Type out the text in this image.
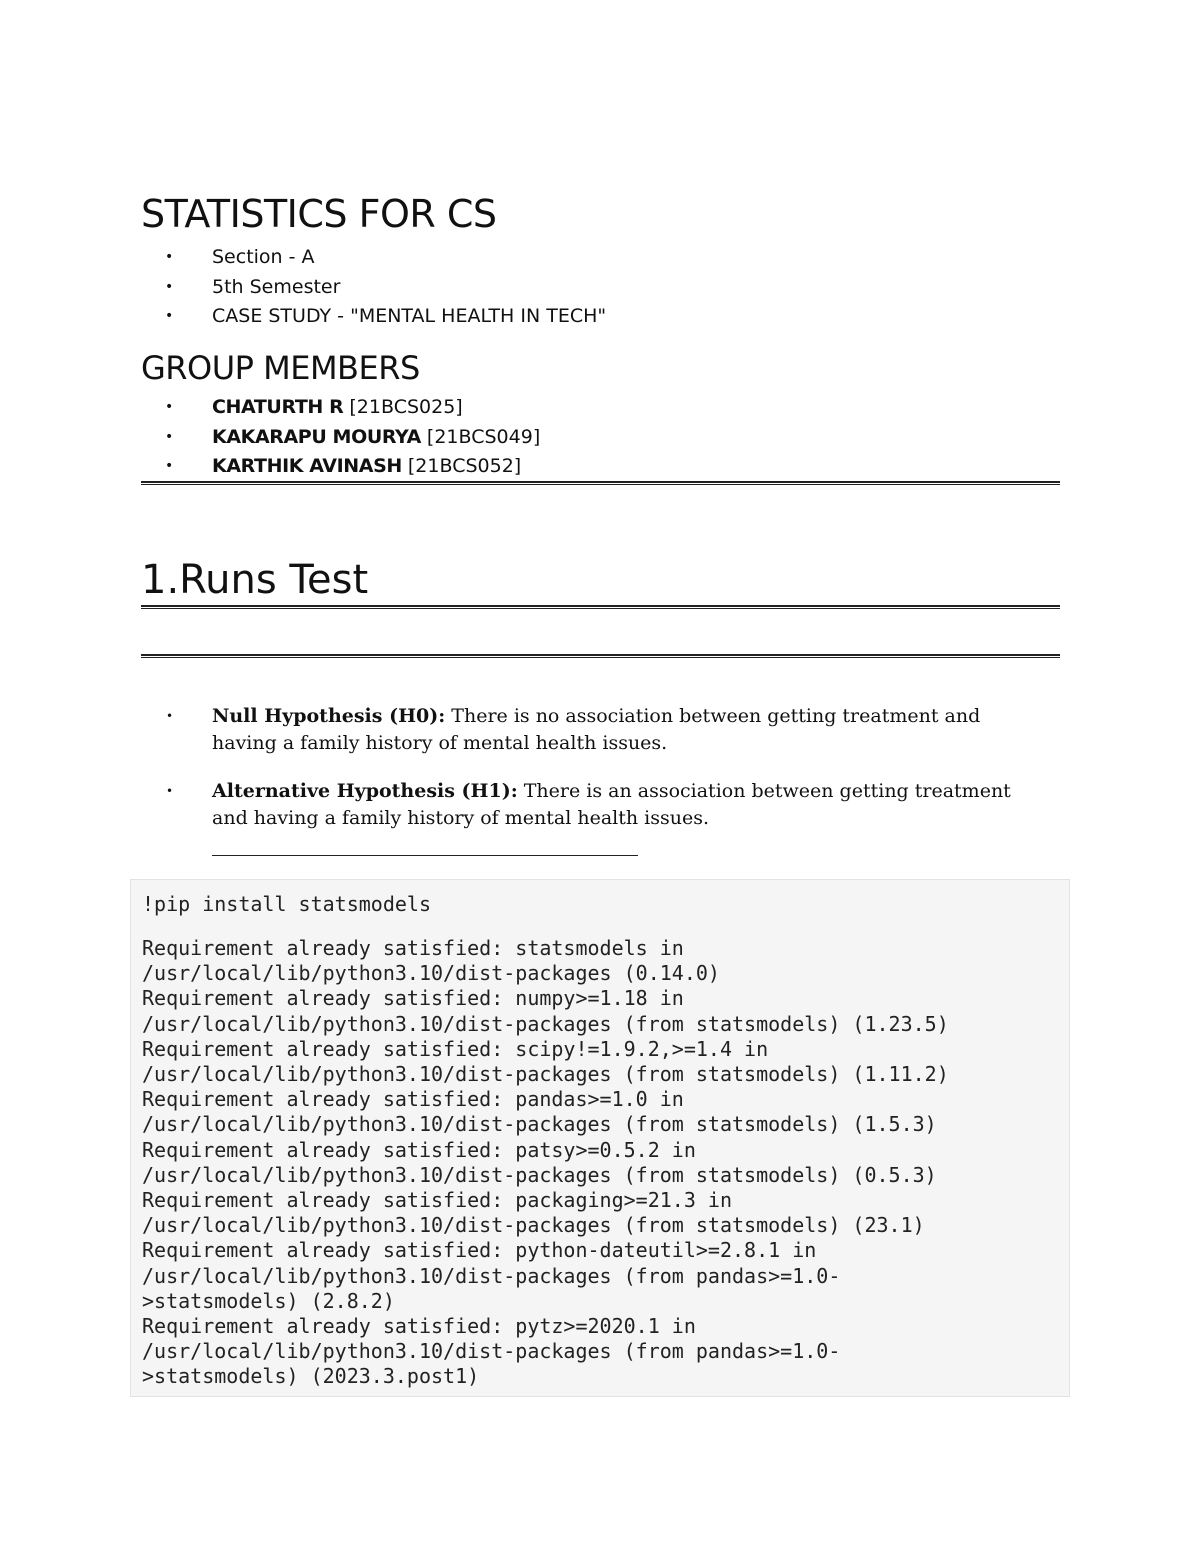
STATISTICS FOR CS
• Section - A
• 5th Semester
• CASE STUDY - "MENTAL HEALTH IN TECH"
GROUP MEMBERS
• CHATURTH R [21BCS025]
• KAKARAPU MOURYA [21BCS049]
• KARTHIK AVINASH [21BCS052]
1.Runs Test
• Null Hypothesis (H0): There is no association between getting treatment and having a family history of mental health issues.
• Alternative Hypothesis (H1): There is an association between getting treatment and having a family history of mental health issues.
!pip install statsmodels
Requirement already satisfied: statsmodels in
/usr/local/lib/python3.10/dist-packages (0.14.0)
Requirement already satisfied: numpy>=1.18 in
/usr/local/lib/python3.10/dist-packages (from statsmodels) (1.23.5)
Requirement already satisfied: scipy!=1.9.2,>=1.4 in
/usr/local/lib/python3.10/dist-packages (from statsmodels) (1.11.2)
Requirement already satisfied: pandas>=1.0 in
/usr/local/lib/python3.10/dist-packages (from statsmodels) (1.5.3)
Requirement already satisfied: patsy>=0.5.2 in
/usr/local/lib/python3.10/dist-packages (from statsmodels) (0.5.3)
Requirement already satisfied: packaging>=21.3 in
/usr/local/lib/python3.10/dist-packages (from statsmodels) (23.1)
Requirement already satisfied: python-dateutil>=2.8.1 in
/usr/local/lib/python3.10/dist-packages (from pandas>=1.0-
>statsmodels) (2.8.2)
Requirement already satisfied: pytz>=2020.1 in
/usr/local/lib/python3.10/dist-packages (from pandas>=1.0-
>statsmodels) (2023.3.post1)
